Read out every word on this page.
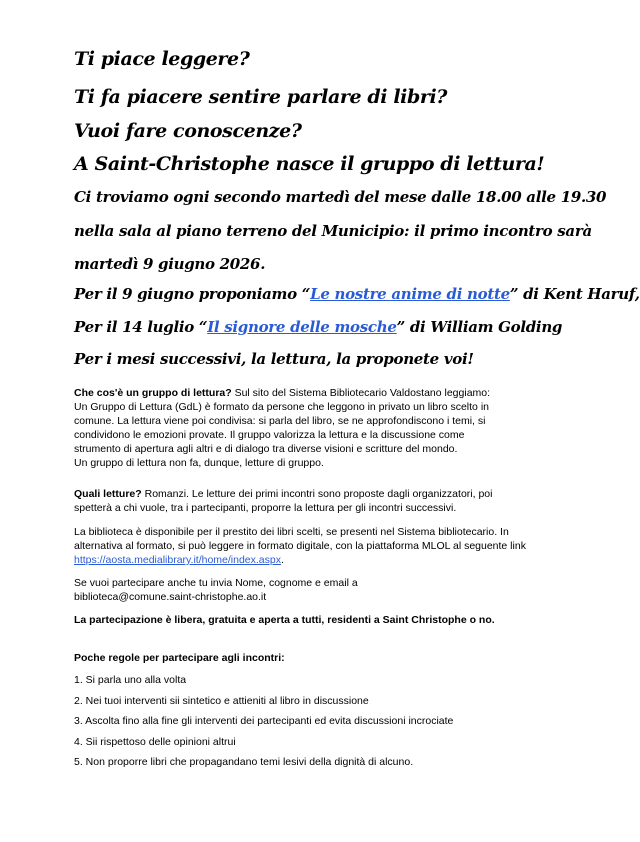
Ti piace leggere?

Ti fa piacere sentire parlare di libri?

Vuoi fare conoscenze?

A Saint-Christophe nasce il gruppo di lettura!

Ci troviamo ogni secondo martedì del mese dalle 18.00 alle 19.30

nella sala al piano terreno del Municipio: il primo incontro sarà

martedì 9 giugno 2026.

Per il 9 giugno proponiamo “Le nostre anime di notte” di Kent Haruf,

Per il 14 luglio “Il signore delle mosche” di William Golding

Per i mesi successivi, la lettura, la proponete voi!

Che cos'è un gruppo di lettura? Sul sito del Sistema Bibliotecario Valdostano leggiamo:
Un Gruppo di Lettura (GdL) è formato da persone che leggono in privato un libro scelto in
comune. La lettura viene poi condivisa: si parla del libro, se ne approfondiscono i temi, si
condividono le emozioni provate. Il gruppo valorizza la lettura e la discussione come
strumento di apertura agli altri e di dialogo tra diverse visioni e scritture del mondo.
Un gruppo di lettura non fa, dunque, letture di gruppo.
Quali letture? Romanzi. Le letture dei primi incontri sono proposte dagli organizzatori, poi
spetterà a chi vuole, tra i partecipanti, proporre la lettura per gli incontri successivi.
La biblioteca è disponibile per il prestito dei libri scelti, se presenti nel Sistema bibliotecario. In
alternativa al formato, si può leggere in formato digitale, con la piattaforma MLOL al seguente link
https://aosta.medialibrary.it/home/index.aspx.
Se vuoi partecipare anche tu invia Nome, cognome e email a
biblioteca@comune.saint-christophe.ao.it
La partecipazione è libera, gratuita e aperta a tutti, residenti a Saint Christophe o no.
Poche regole per partecipare agli incontri:
1. Si parla uno alla volta
2. Nei tuoi interventi sii sintetico e attieniti al libro in discussione
3. Ascolta fino alla fine gli interventi dei partecipanti ed evita discussioni incrociate
4. Sii rispettoso delle opinioni altrui
5. Non proporre libri che propagandano temi lesivi della dignità di alcuno.
